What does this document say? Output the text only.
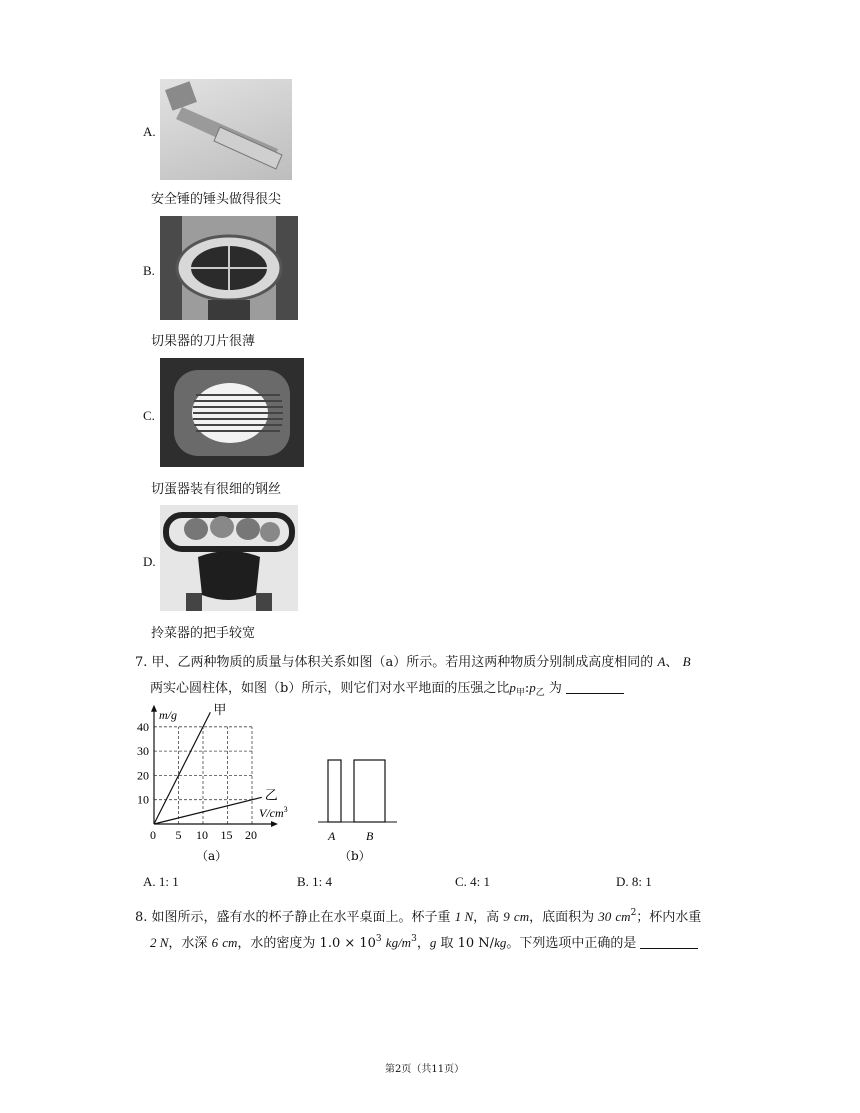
A.
安全锤的锤头做得很尖
B.
切果器的刀片很薄
C.
切蛋器装有很细的钢丝
D.
拎菜器的把手较宽
7. 甲、乙两种物质的质量与体积关系如图（a）所示。若用这两种物质分别制成高度相同的 A、 B
两实心圆柱体，如图（b）所示，则它们对水平地面的压强之比$p_甲:p_乙$ 为
0 5 10 15 20
10
20
30
40
甲
乙
m/g
$V/cm^3$
（a）
A	B
（b）
A. 1: 1	B. 1: 4	C. 4: 1	D. 8: 1
8. 如图所示，盛有水的杯子静止在水平桌面上。杯子重 1 N，高 9 cm，底面积为 30 $cm^2$；杯内水重
2 N，水深 6 cm，水的密度为 $1.0 \times 10^3$ $kg/m^3$，g 取 10 N/kg。下列选项中正确的是
第2页（共11页）
